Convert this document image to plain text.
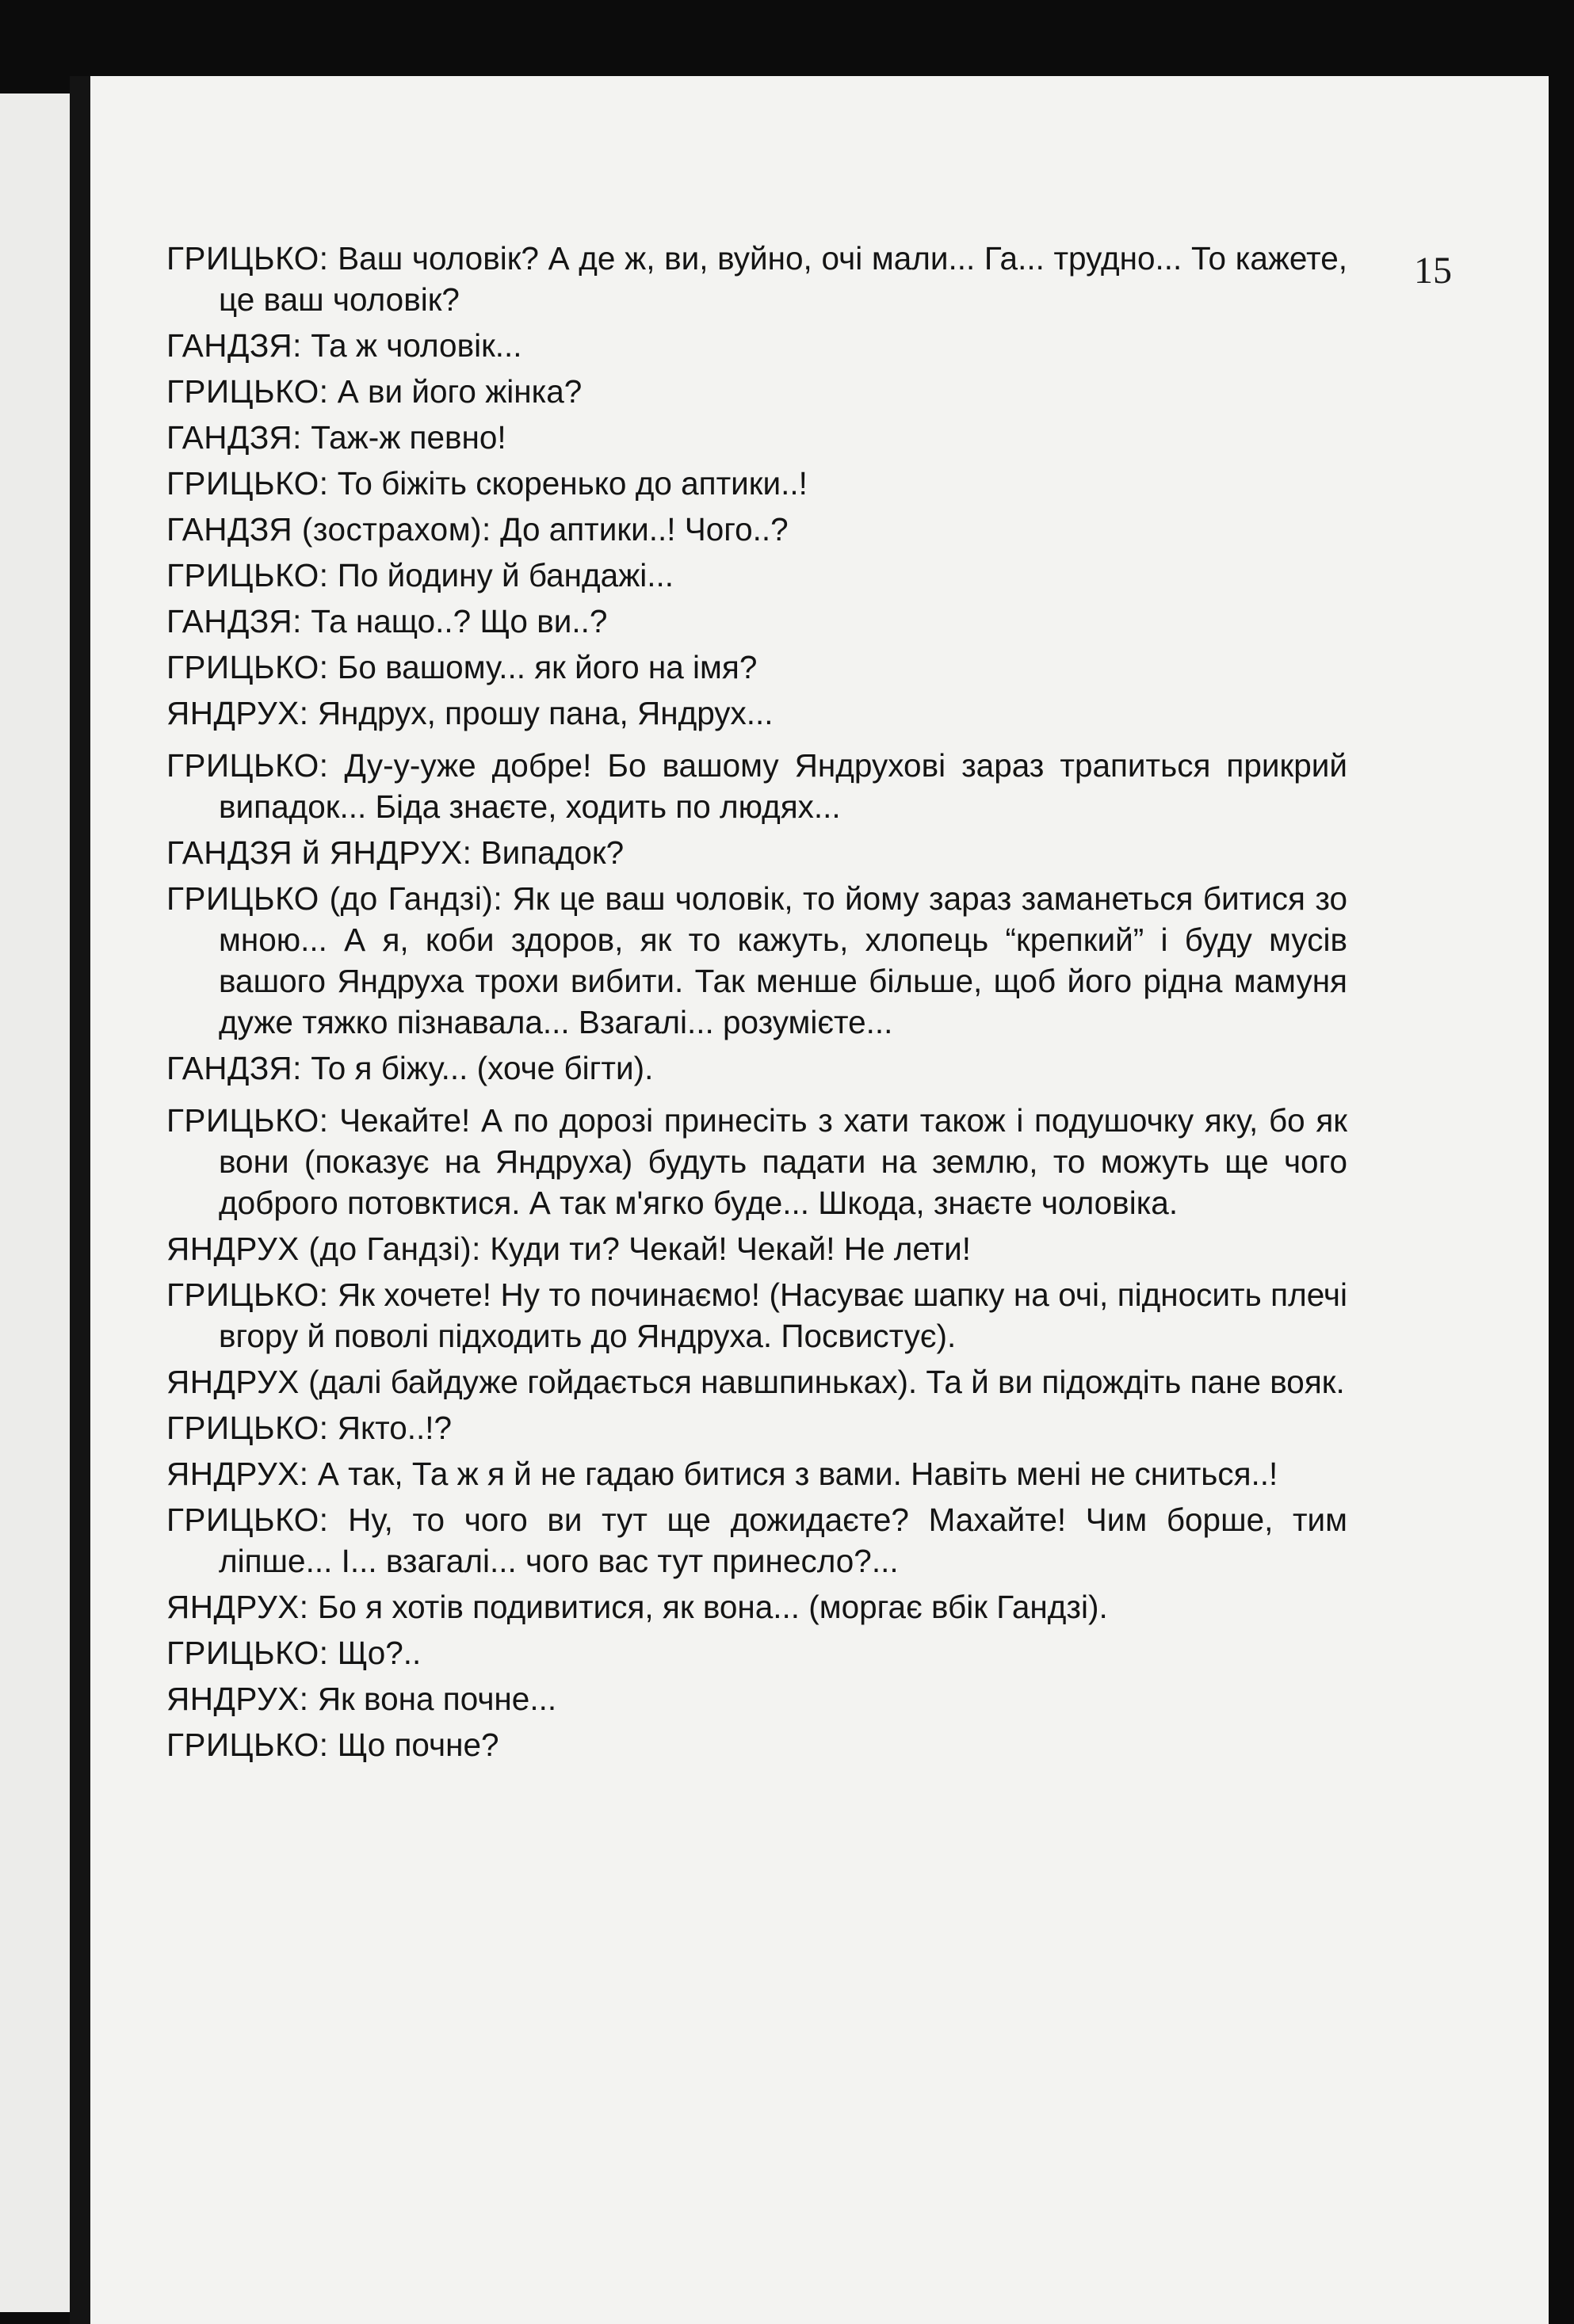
15

ГРИЦЬКО: Ваш чоловік? А де ж, ви, вуйно, очі мали... Га... трудно... То кажете, це ваш чоловік?

ГАНДЗЯ: Та ж чоловік...

ГРИЦЬКО: А ви його жінка?

ГАНДЗЯ: Таж-ж певно!

ГРИЦЬКО: То біжіть скоренько до аптики..!

ГАНДЗЯ (зострахом): До аптики..! Чого..?

ГРИЦЬКО: По йодину й бандажі...

ГАНДЗЯ: Та нащо..? Що ви..?

ГРИЦЬКО: Бо вашому... як його на імя?

ЯНДРУХ: Яндрух, прошу пана, Яндрух...

ГРИЦЬКО: Ду-у-уже добре! Бо вашому Яндрухові зараз трапиться прикрий випадок... Біда знаєте, ходить по людях...

ГАНДЗЯ й ЯНДРУХ: Випадок?

ГРИЦЬКО (до Гандзі): Як це ваш чоловік, то йому зараз заманеться битися зо мною... А я, коби здоров, як то кажуть, хлопець “крепкий” і буду мусів вашого Яндруха трохи вибити. Так менше більше, щоб його рідна мамуня дуже тяжко пізнавала... Взагалі... розумієте...

ГАНДЗЯ: То я біжу... (хоче бігти).

ГРИЦЬКО: Чекайте! А по дорозі принесіть з хати також і подушочку яку, бо як вони (показує на Яндруха) будуть падати на землю, то можуть ще чого доброго потовктися. А так м'ягко буде... Шкода, знаєте чоловіка.

ЯНДРУХ (до Гандзі): Куди ти? Чекай! Чекай! Не лети!

ГРИЦЬКО: Як хочете! Ну то починаємо! (Насуває шапку на очі, підносить плечі вгору й поволі підходить до Яндруха. Посвистує).

ЯНДРУХ (далі байдуже гойдається навшпиньках). Та й ви підождіть пане вояк.

ГРИЦЬКО: Якто..!?

ЯНДРУХ: А так, Та ж я й не гадаю битися з вами. Навіть мені не сниться..!

ГРИЦЬКО: Ну, то чого ви тут ще дожидаєте? Махайте! Чим борше, тим ліпше... І... взагалі... чого вас тут принесло?...

ЯНДРУХ: Бо я хотів подивитися, як вона... (моргає вбік Гандзі).

ГРИЦЬКО: Що?..

ЯНДРУХ: Як вона почне...

ГРИЦЬКО: Що почне?
